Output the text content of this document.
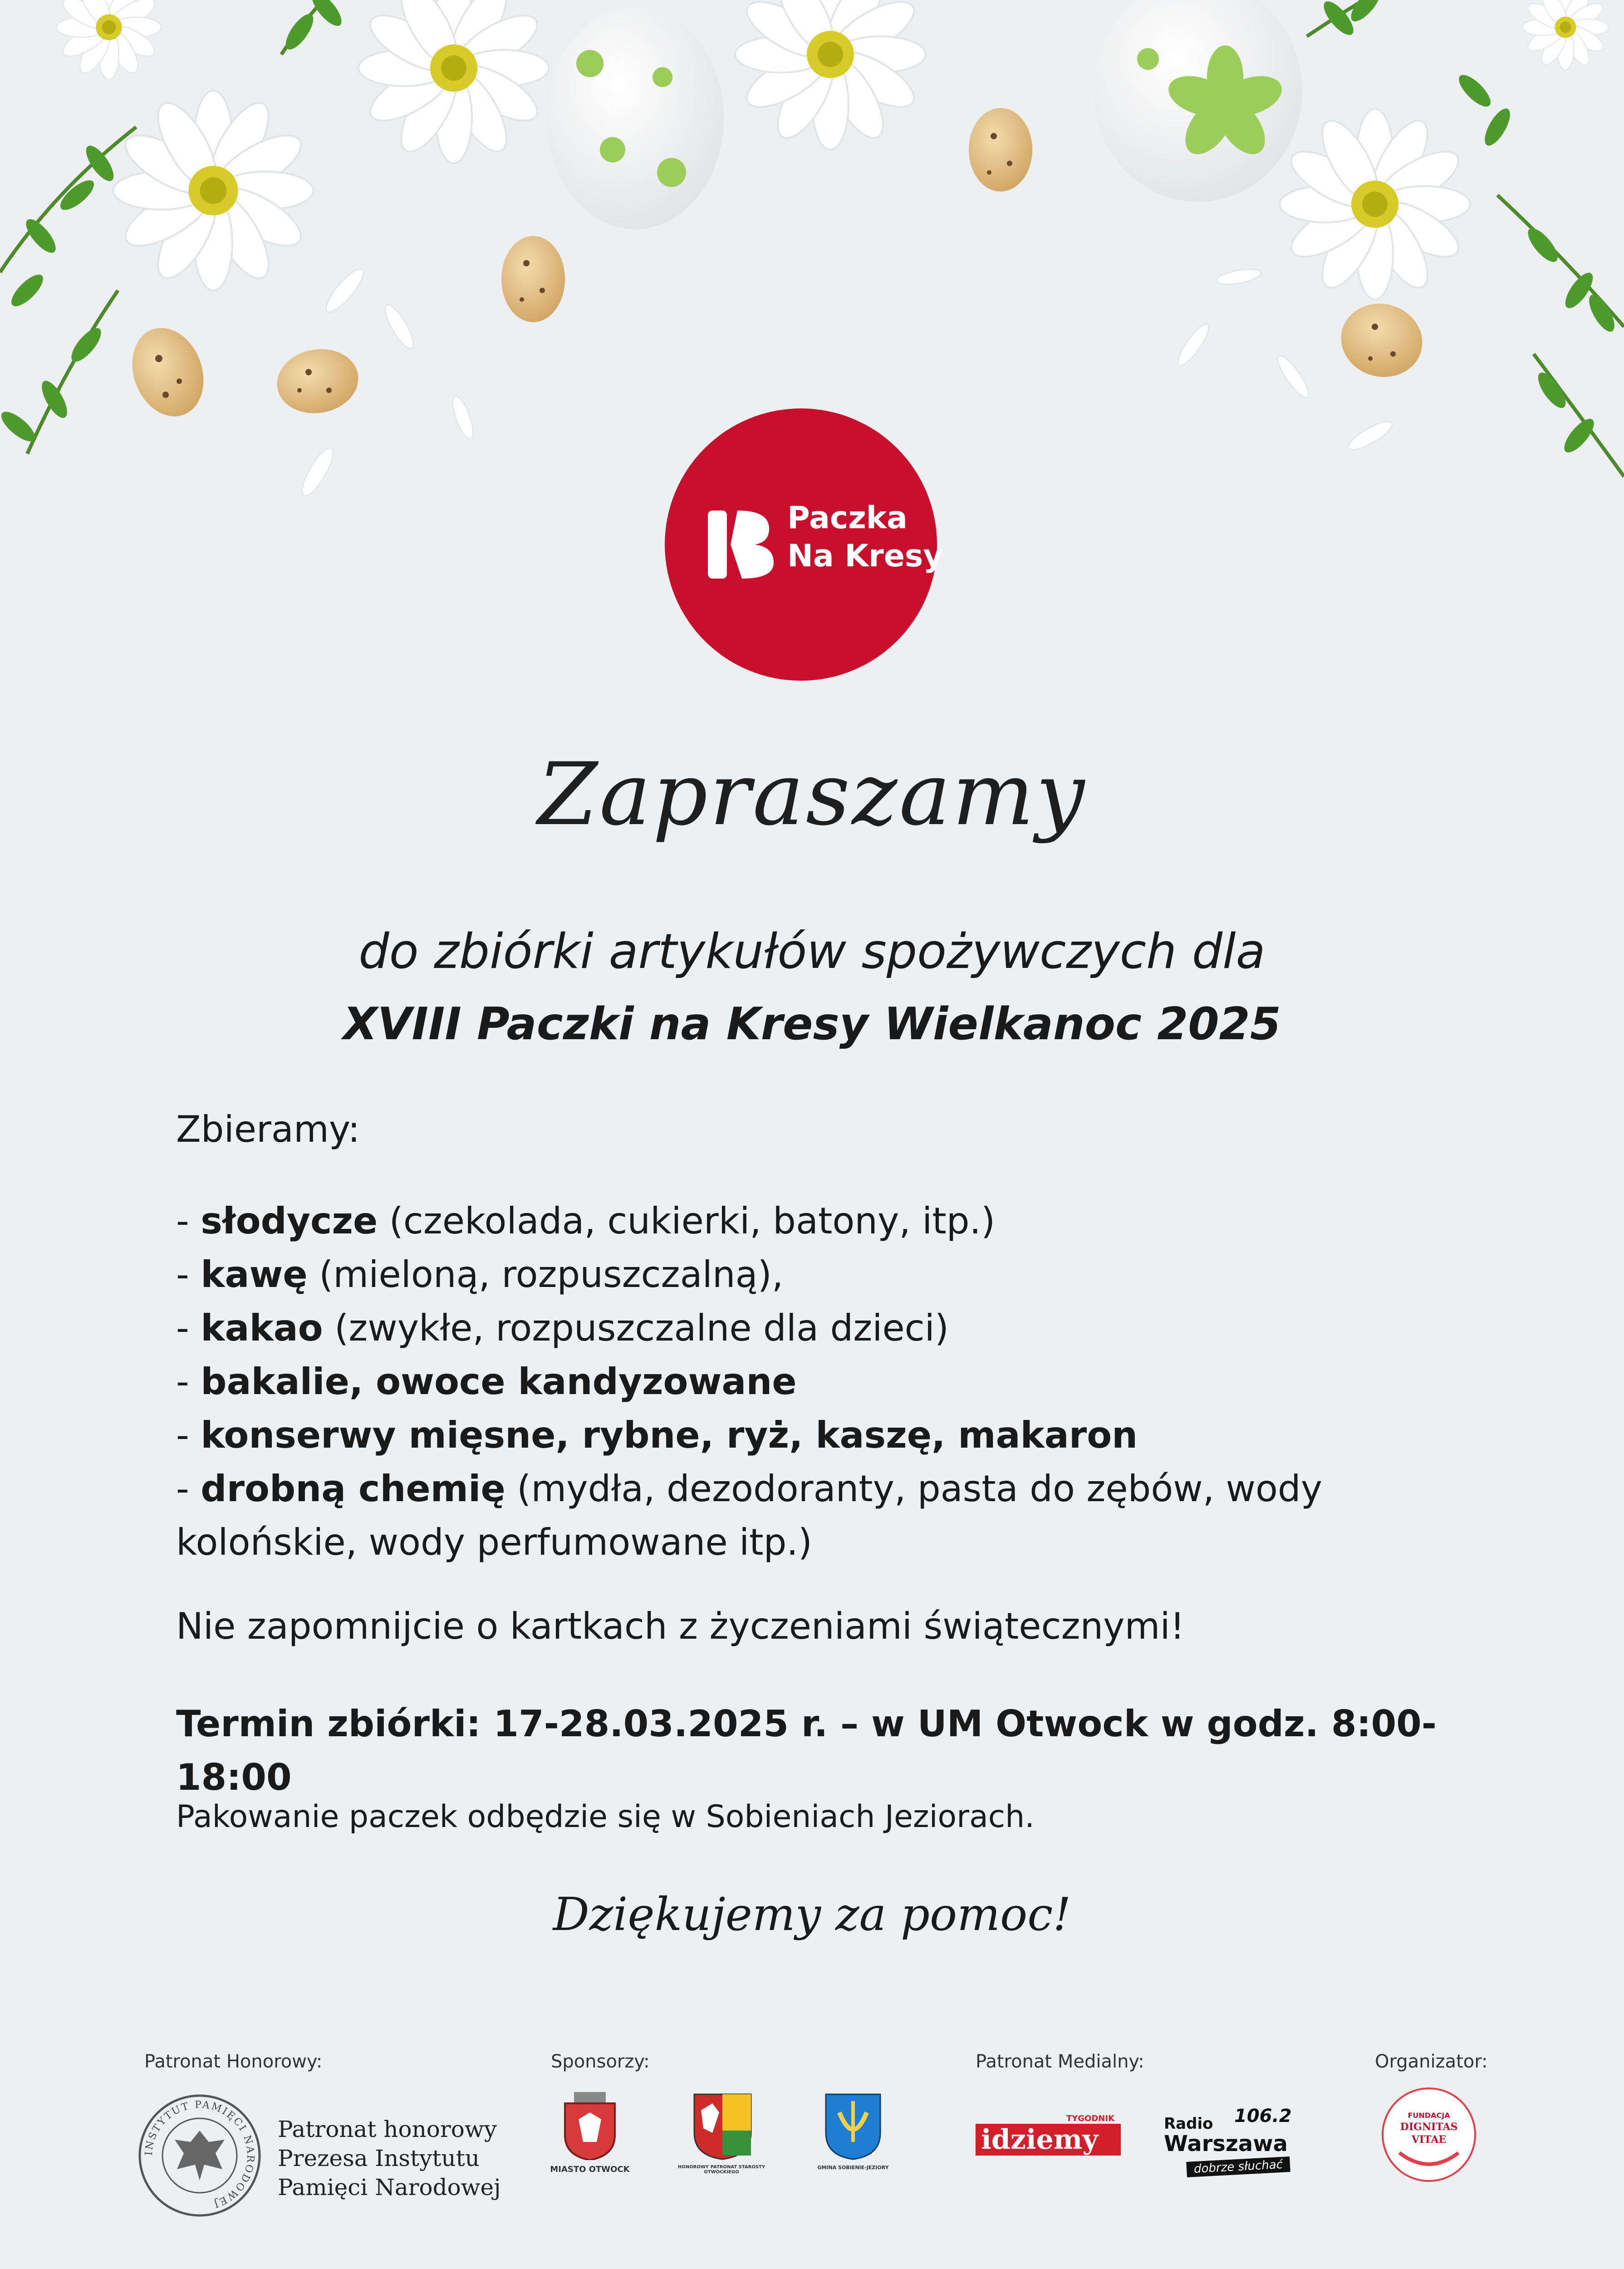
Paczka
Na Kresy
Zapraszamy
do zbiórki artykułów spożywczych dla
XVIII Paczki na Kresy Wielkanoc 2025
Zbieramy:
- słodycze (czekolada, cukierki, batony, itp.)
- kawę (mieloną, rozpuszczalną),
- kakao (zwykłe, rozpuszczalne dla dzieci)
- bakalie, owoce kandyzowane
- konserwy mięsne, rybne, ryż, kaszę, makaron
- drobną chemię (mydła, dezodoranty, pasta do zębów, wody
kolońskie, wody perfumowane itp.)
Nie zapomnijcie o kartkach z życzeniami świątecznymi!
Termin zbiórki: 17-28.03.2025 r. – w UM Otwock w godz. 8:00-18:00
Pakowanie paczek odbędzie się w Sobieniach Jeziorach.
Dziękujemy za pomoc!
Patronat Honorowy:	Sponsorzy:	Patronat Medialny:	Organizator:
INSTYTUT PAMIĘCI NARODOWEJ
Patronat honorowy
Prezesa Instytutu
Pamięci Narodowej
MIASTO OTWOCK	HONOROWY PATRONAT STAROSTY OTWOCKIEGO
GMINA SOBIENIE-JEZIORY
TYGODNIK
idziemy	Radio 106.2
Warszawa
dobrze słuchać
FUNDACJA
DIGNITAS
VITAE
